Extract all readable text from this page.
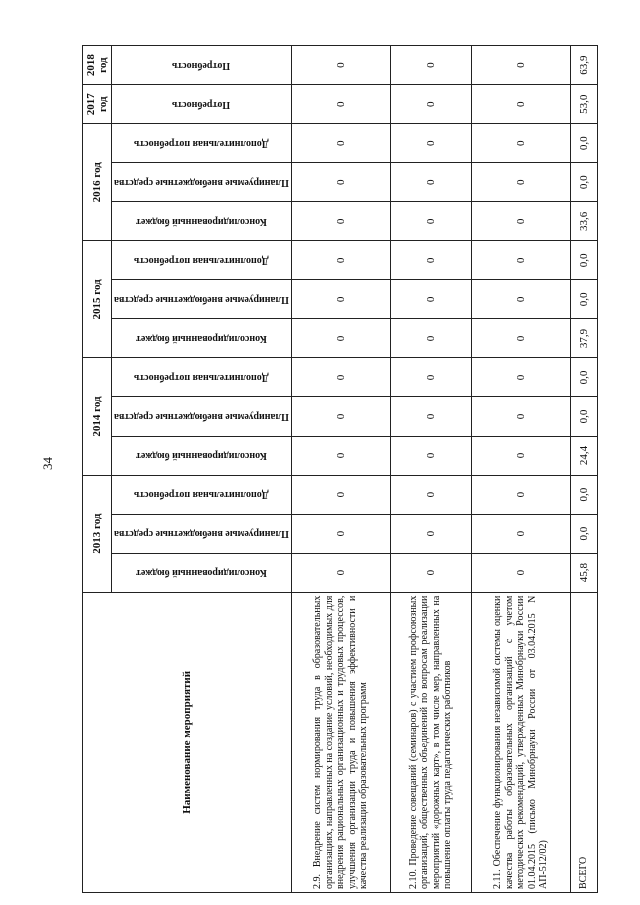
34
Наименование мероприятий	2013 год			2014 год			2015 год			2016 год			2017 год	2018 год

	Консолидированный бюджет	Планируемые внебюджетные средства	Дополнительная потребность	Консолидированный бюджет	Планируемые внебюджетные средства	Дополнительная потребность	Консолидированный бюджет	Планируемые внебюджетные средства	Дополнительная потребность	Консолидированный бюджет	Планируемые внебюджетные средства	Дополнительная потребность	Потребность	Потребность

2.9. Внедрение систем нормирования труда в образовательных организациях, направленных на создание условий, необходимых для внедрения рациональных организационных и трудовых процессов, улучшения организации труда и повышения эффективности и качества реализации образовательных программ	0	0	0	0	0	0	0	0	0	0	0	0	0	0
2.10. Проведение совещаний (семинаров) с участием профсоюзных организаций, общественных объединений по вопросам реализации мероприятий «дорожных карт», в том числе мер, направленных на повышение оплаты труда педагогических работников	0	0	0	0	0	0	0	0	0	0	0	0	0	0
2.11. Обеспечение функционирования независимой системы оценки качества работы образовательных организаций с учетом методических рекомендаций, утвержденных Минобрнауки России 01.04.2015 (письмо Минобрнауки России от 03.04.2015 N АП-512/02)	0	0	0	0	0	0	0	0	0	0	0	0	0	0
ВСЕГО	45,8	0,0	0,0	24,4	0,0	0,0	37,9	0,0	0,0	33,6	0,0	0,0	53,0	63,9
